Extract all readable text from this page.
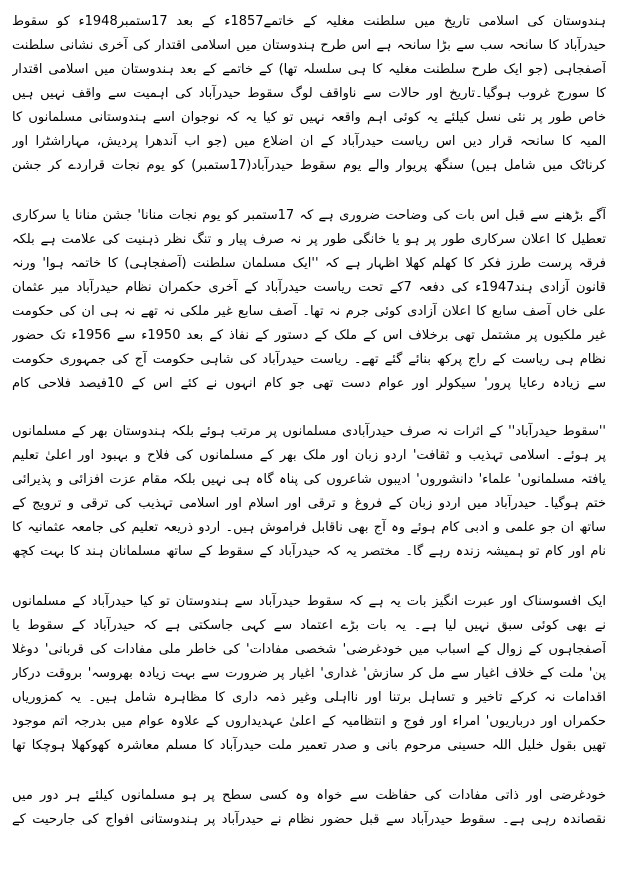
ہندوستان کی اسلامی تاریخ میں سلطنت مغلیہ کے خاتمے1857ء کے بعد 17ستمبر1948ء کو سقوط حیدرآباد کا سانحہ سب سے بڑا سانحہ ہے اس طرح ہندوستان میں اسلامی اقتدار کی آخری نشانی سلطنت آصفجاہی (جو ایک طرح سلطنت مغلیہ کا ہی سلسلہ تھا) کے خاتمے کے بعد ہندوستان میں اسلامی اقتدار کا سورج غروب ہوگیا۔تاریخ اور حالات سے ناواقف لوگ سقوط حیدرآباد کی اہمیت سے واقف نہیں ہیں خاص طور پر نئی نسل کیلئے یہ کوئی اہم واقعہ نہیں تو کیا یہ کہ نوجوان اسے ہندوستانی مسلمانوں کا المیہ کا سانحہ قرار دیں اس ریاست حیدرآباد کے ان اضلاع میں (جو اب آندھرا پردیش، مہاراشٹرا اور کرناٹک میں شامل ہیں) سنگھ پریوار والے یوم سقوط حیدرآباد(17ستمبر) کو یوم نجات قراردے کر جشن

آگے بڑھنے سے قبل اس بات کی وضاحت ضروری ہے کہ 17ستمبر کو یوم نجات منانا' جشن منانا یا سرکاری تعطیل کا اعلان سرکاری طور پر ہو یا خانگی طور پر نہ صرف پیار و تنگ نظر ذہنیت کی علامت ہے بلکہ فرقہ پرست طرز فکر کا کھلم کھلا اظہار ہے کہ ''ایک مسلمان سلطنت (آصفجاہی) کا خاتمہ ہوا' ورنہ قانون آزادی ہند1947ء کی دفعہ 7کے تحت ریاست حیدرآباد کے آخری حکمران نظام حیدرآباد میر عثمان علی خاں آصف سابع کا اعلان آزادی کوئی جرم نہ تھا۔ آصف سابع غیر ملکی نہ تھے نہ ہی ان کی حکومت غیر ملکیوں پر مشتمل تھی برخلاف اس کے ملک کے دستور کے نفاذ کے بعد 1950ء سے 1956ء تک حضور نظام ہی ریاست کے راج پرکھ بنائے گئے تھے۔ ریاست حیدرآباد کی شاہی حکومت آج کی جمہوری حکومت سے زیادہ رعایا پرور' سیکولر اور عوام دست تھی جو کام انہوں نے کئے اس کے 10فیصد فلاحی کام

''سقوط حیدرآباد'' کے اثرات نہ صرف حیدرآبادی مسلمانوں پر مرتب ہوئے بلکہ ہندوستان بھر کے مسلمانوں پر ہوئے۔ اسلامی تہذیب و ثقافت' اردو زبان اور ملک بھر کے مسلمانوں کی فلاح و بہبود اور اعلیٰ تعلیم یافتہ مسلمانوں' علماء' دانشوروں' ادیبوں شاعروں کی پناہ گاہ ہی نہیں بلکہ مقام عزت افزائی و پذیرائی ختم ہوگیا۔ حیدرآباد میں اردو زبان کے فروغ و ترقی اور اسلام اور اسلامی تہذیب کی ترقی و ترویج کے ساتھ ان جو علمی و ادبی کام ہوئے وہ آج بھی ناقابل فراموش ہیں۔ اردو ذریعہ تعلیم کی جامعہ عثمانیہ کا نام اور کام تو ہمیشہ زندہ رہے گا۔ مختصر یہ کہ حیدرآباد کے سقوط کے ساتھ مسلمانان ہند کا بہت کچھ

ایک افسوسناک اور عبرت انگیز بات یہ ہے کہ سقوط حیدرآباد سے ہندوستان تو کیا حیدرآباد کے مسلمانوں نے بھی کوئی سبق نہیں لیا ہے۔ یہ بات بڑے اعتماد سے کہی جاسکتی ہے کہ حیدرآباد کے سقوط یا آصفجاہوں کے زوال کے اسباب میں خودغرضی' شخصی مفادات' کی خاطر ملی مفادات کی قربانی' دوغلا پن' ملت کے خلاف اغیار سے مل کر سازش' غداری' اغیار پر ضرورت سے بہت زیادہ بھروسہ' بروقت درکار اقدامات نہ کرکے تاخیر و تساہل برتنا اور نااہلی وغیر ذمہ داری کا مظاہرہ شامل ہیں۔ یہ کمزوریاں حکمراں اور درباریوں' امراء اور فوج و انتظامیہ کے اعلیٰ عہدیداروں کے علاوہ عوام میں بدرجہ اتم موجود تھیں بقول خلیل اللہ حسینی مرحوم بانی و صدر تعمیر ملت حیدرآباد کا مسلم معاشرہ کھوکھلا ہوچکا تھا

خودغرضی اور ذاتی مفادات کی حفاظت سے خواہ وہ کسی سطح پر ہو مسلمانوں کیلئے ہر دور میں نقصاندہ رہی ہے۔ سقوط حیدرآباد سے قبل حضور نظام نے حیدرآباد پر ہندوستانی افواج کی جارحیت کے
